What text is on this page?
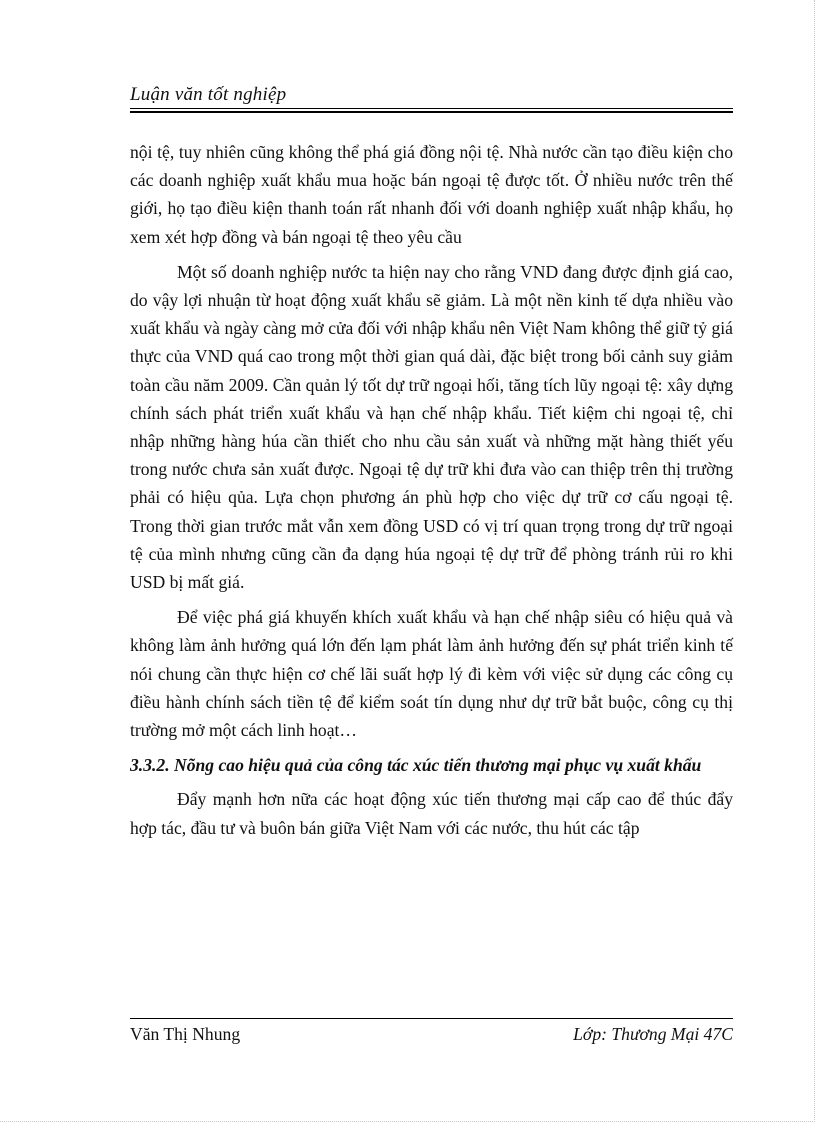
Luận văn tốt nghiệp

nội tệ, tuy nhiên cũng không thể phá giá đồng nội tệ. Nhà nước cần tạo điều kiện cho các doanh nghiệp xuất khẩu mua hoặc bán ngoại tệ được tốt. Ở nhiều nước trên thế giới, họ tạo điều kiện thanh toán rất nhanh đối với doanh nghiệp xuất nhập khẩu, họ xem xét hợp đồng và bán ngoại tệ theo yêu cầu

Một số doanh nghiệp nước ta hiện nay cho rằng VND đang được định giá cao, do vậy lợi nhuận từ hoạt động xuất khẩu sẽ giảm. Là một nền kinh tế dựa nhiều vào xuất khẩu và ngày càng mở cửa đối với nhập khẩu nên Việt Nam không thể giữ tỷ giá thực của VND quá cao trong một thời gian quá dài, đặc biệt trong bối cảnh suy giảm toàn cầu năm 2009. Cần quản lý tốt dự trữ ngoại hối, tăng tích lũy ngoại tệ: xây dựng chính sách phát triển xuất khẩu và hạn chế nhập khẩu. Tiết kiệm chi ngoại tệ, chỉ nhập những hàng húa cần thiết cho nhu cầu sản xuất và những mặt hàng thiết yếu trong nước chưa sản xuất được. Ngoại tệ dự trữ khi đưa vào can thiệp trên thị trường phải có hiệu qủa. Lựa chọn phương án phù hợp cho việc dự trữ cơ cấu ngoại tệ. Trong thời gian trước mắt vẫn xem đồng USD có vị trí quan trọng trong dự trữ ngoại tệ của mình nhưng cũng cần đa dạng húa ngoại tệ dự trữ để phòng tránh rủi ro khi USD bị mất giá.

Để việc phá giá khuyến khích xuất khẩu và hạn chế nhập siêu có hiệu quả và không làm ảnh hưởng quá lớn đến lạm phát làm ảnh hưởng đến sự phát triển kinh tế nói chung cần thực hiện cơ chế lãi suất hợp lý đi kèm với việc sử dụng các công cụ điều hành chính sách tiền tệ để kiểm soát tín dụng như dự trữ bắt buộc, công cụ thị trường mở một cách linh hoạt…

3.3.2. Nõng cao hiệu quả của công tác xúc tiến thương mại phục vụ xuất khẩu

Đẩy mạnh hơn nữa các hoạt động xúc tiến thương mại cấp cao để thúc đẩy hợp tác, đầu tư và buôn bán giữa Việt Nam với các nước, thu hút các tập

Văn Thị Nhung	Lớp: Thương Mại 47C
